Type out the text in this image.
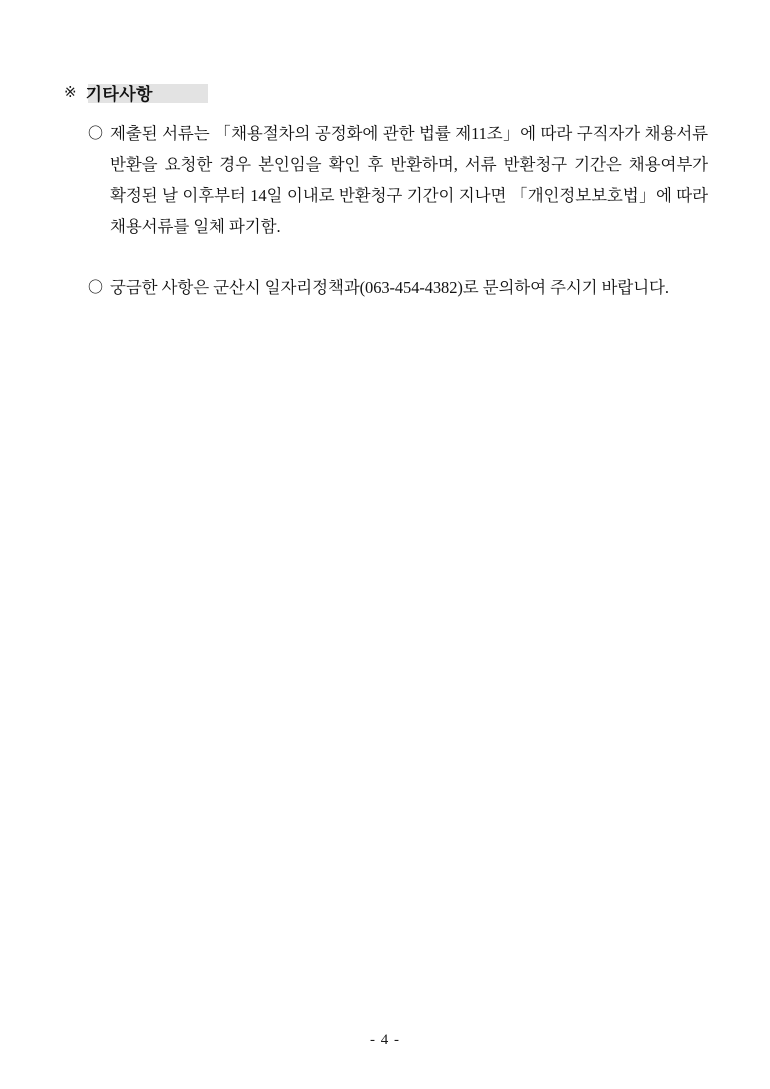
※ 기타사항
〇 제출된 서류는 「채용절차의 공정화에 관한 법률 제11조」에 따라 구직자가 채용서류 반환을 요청한 경우 본인임을 확인 후 반환하며, 서류 반환청구 기간은 채용여부가 확정된 날 이후부터 14일 이내로 반환청구 기간이 지나면 「개인정보보호법」에 따라 채용서류를 일체 파기함.
〇 궁금한 사항은 군산시 일자리정책과(063-454-4382)로 문의하여 주시기 바랍니다.
- 4 -
